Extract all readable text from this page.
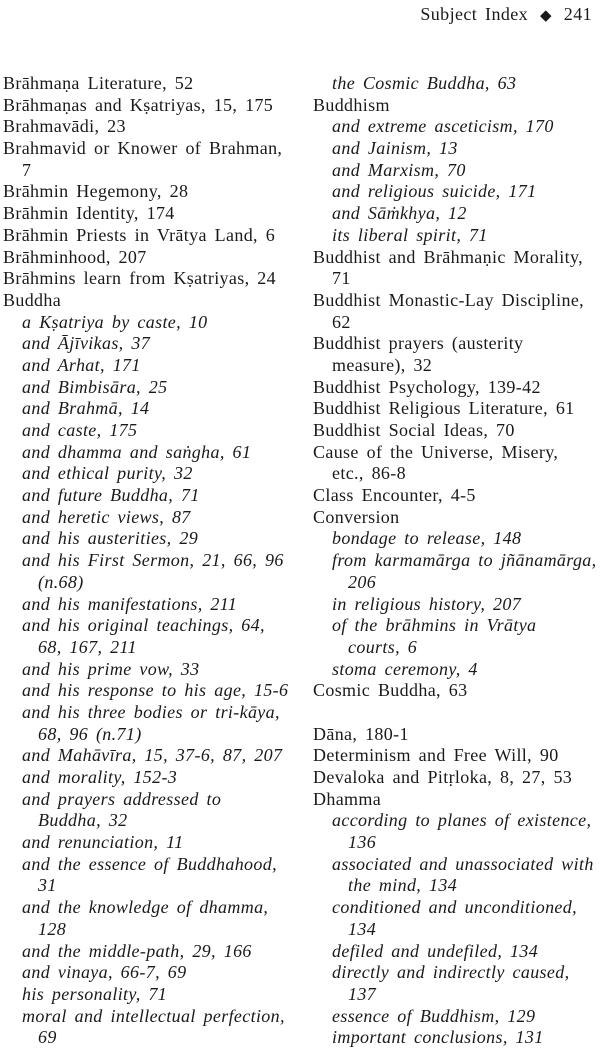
Subject Index ◆ 241
Brāhmaṇa Literature, 52
Brāhmaṇas and Kṣatriyas, 15, 175
Brahmavādi, 23
Brahmavid or Knower of Brahman,
7
Brāhmin Hegemony, 28
Brāhmin Identity, 174
Brāhmin Priests in Vrātya Land, 6
Brāhminhood, 207
Brāhmins learn from Kṣatriyas, 24
Buddha
a Kṣatriya by caste, 10
and Ājīvikas, 37
and Arhat, 171
and Bimbisāra, 25
and Brahmā, 14
and caste, 175
and dhamma and saṅgha, 61
and ethical purity, 32
and future Buddha, 71
and heretic views, 87
and his austerities, 29
and his First Sermon, 21, 66, 96
(n.68)
and his manifestations, 211
and his original teachings, 64,
68, 167, 211
and his prime vow, 33
and his response to his age, 15-6
and his three bodies or tri-kāya,
68, 96 (n.71)
and Mahāvīra, 15, 37-6, 87, 207
and morality, 152-3
and prayers addressed to
Buddha, 32
and renunciation, 11
and the essence of Buddhahood,
31
and the knowledge of dhamma,
128
and the middle-path, 29, 166
and vinaya, 66-7, 69
his personality, 71
moral and intellectual perfection,
69
the Cosmic Buddha, 63
Buddhism
and extreme asceticism, 170
and Jainism, 13
and Marxism, 70
and religious suicide, 171
and Sāṁkhya, 12
its liberal spirit, 71
Buddhist and Brāhmaṇic Morality,
71
Buddhist Monastic-Lay Discipline,
62
Buddhist prayers (austerity
measure), 32
Buddhist Psychology, 139-42
Buddhist Religious Literature, 61
Buddhist Social Ideas, 70
Cause of the Universe, Misery,
etc., 86-8
Class Encounter, 4-5
Conversion
bondage to release, 148
from karmamārga to jñānamārga,
206
in religious history, 207
of the brāhmins in Vrātya
courts, 6
stoma ceremony, 4
Cosmic Buddha, 63
Dāna, 180-1
Determinism and Free Will, 90
Devaloka and Pitṛloka, 8, 27, 53
Dhamma
according to planes of existence,
136
associated and unassociated with
the mind, 134
conditioned and unconditioned,
134
defiled and undefiled, 134
directly and indirectly caused,
137
essence of Buddhism, 129
important conclusions, 131
